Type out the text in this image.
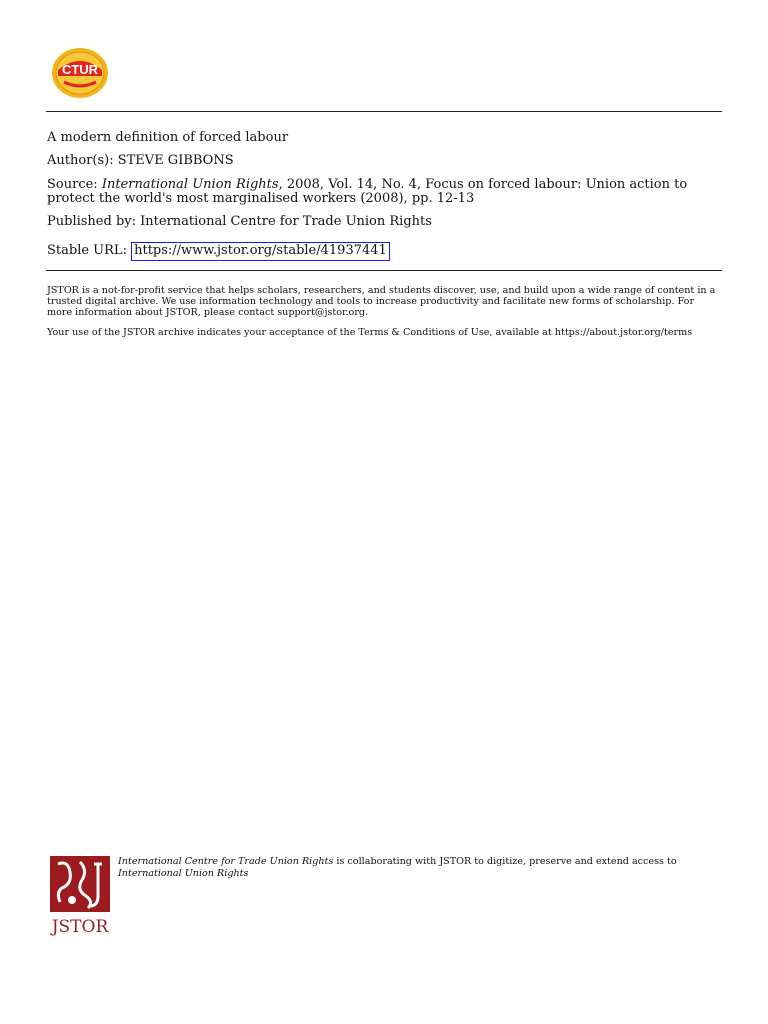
CTUR
A modern definition of forced labour
Author(s): STEVE GIBBONS
Source: International Union Rights, 2008, Vol. 14, No. 4, Focus on forced labour: Union action to protect the world's most marginalised workers (2008), pp. 12-13
Published by: International Centre for Trade Union Rights
Stable URL: https://www.jstor.org/stable/41937441
JSTOR is a not-for-profit service that helps scholars, researchers, and students discover, use, and build upon a wide range of content in a trusted digital archive. We use information technology and tools to increase productivity and facilitate new forms of scholarship. For more information about JSTOR, please contact support@jstor.org.
Your use of the JSTOR archive indicates your acceptance of the Terms & Conditions of Use, available at https://about.jstor.org/terms
JSTOR
International Centre for Trade Union Rights is collaborating with JSTOR to digitize, preserve and extend access to International Union Rights
